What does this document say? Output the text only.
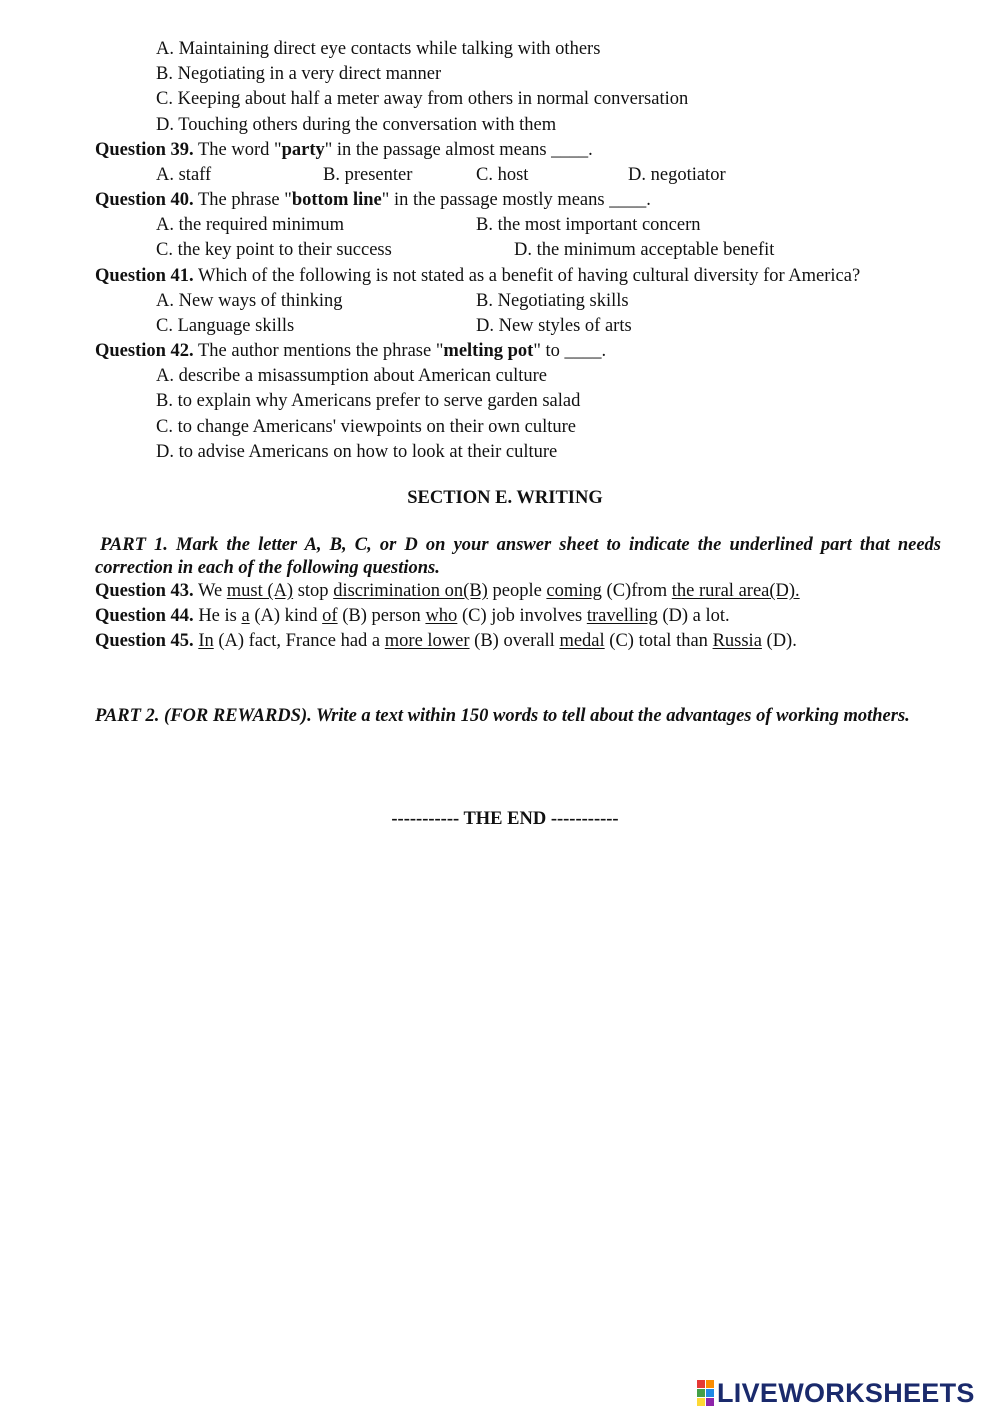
A. Maintaining direct eye contacts while talking with others
B. Negotiating in a very direct manner
C. Keeping about half a meter away from others in normal conversation
D. Touching others during the conversation with them
Question 39. The word "party" in the passage almost means ____.
A. staff	B. presenter	C. host	D. negotiator
Question 40. The phrase "bottom line" in the passage mostly means ____.
A. the required minimum	B. the most important concern
C. the key point to their success	D. the minimum acceptable benefit
Question 41. Which of the following is not stated as a benefit of having cultural diversity for America?
A. New ways of thinking	B. Negotiating skills
C. Language skills	D. New styles of arts
Question 42. The author mentions the phrase "melting pot" to ____.
A. describe a misassumption about American culture
B. to explain why Americans prefer to serve garden salad
C. to change Americans' viewpoints on their own culture
D. to advise Americans on how to look at their culture
SECTION E. WRITING
PART 1. Mark the letter A, B, C, or D on your answer sheet to indicate the underlined part that needs correction in each of the following questions.
Question 43. We must (A) stop discrimination on(B) people coming (C)from the rural area(D).
Question 44. He is a (A) kind of (B) person who (C) job involves travelling (D) a lot.
Question 45. In (A) fact, France had a more lower (B) overall medal (C) total than Russia (D).
PART 2. (FOR REWARDS). Write a text within 150 words to tell about the advantages of working mothers.
----------- THE END -----------
LIVEWORKSHEETS
